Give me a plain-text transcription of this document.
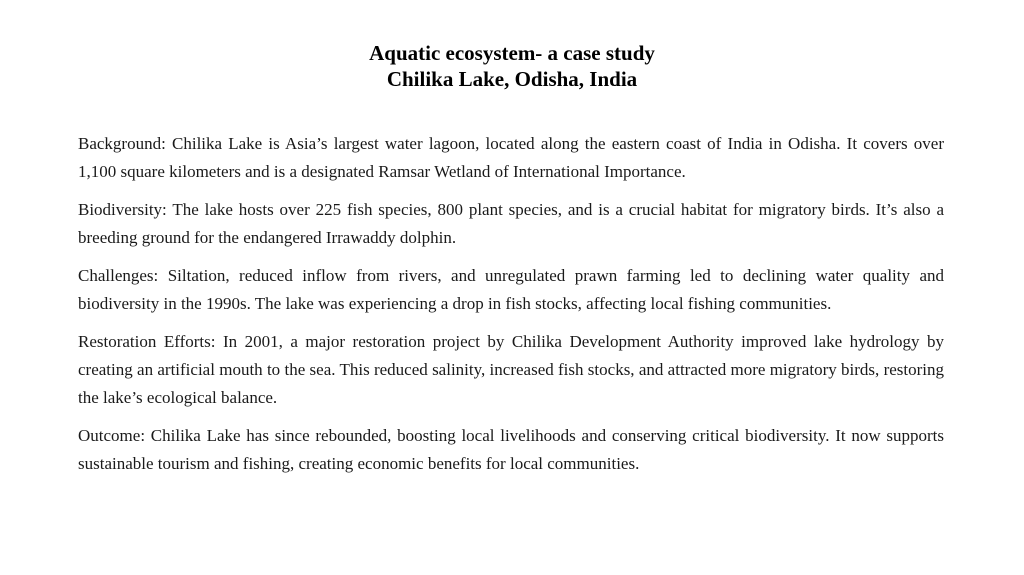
Aquatic ecosystem- a case study
Chilika Lake, Odisha, India

Background: Chilika Lake is Asia’s largest water lagoon, located along the eastern coast of India in Odisha. It covers over 1,100 square kilometers and is a designated Ramsar Wetland of International Importance.

Biodiversity: The lake hosts over 225 fish species, 800 plant species, and is a crucial habitat for migratory birds. It’s also a breeding ground for the endangered Irrawaddy dolphin.

Challenges: Siltation, reduced inflow from rivers, and unregulated prawn farming led to declining water quality and biodiversity in the 1990s. The lake was experiencing a drop in fish stocks, affecting local fishing communities.

Restoration Efforts: In 2001, a major restoration project by Chilika Development Authority improved lake hydrology by creating an artificial mouth to the sea. This reduced salinity, increased fish stocks, and attracted more migratory birds, restoring the lake’s ecological balance.

Outcome: Chilika Lake has since rebounded, boosting local livelihoods and conserving critical biodiversity. It now supports sustainable tourism and fishing, creating economic benefits for local communities.
